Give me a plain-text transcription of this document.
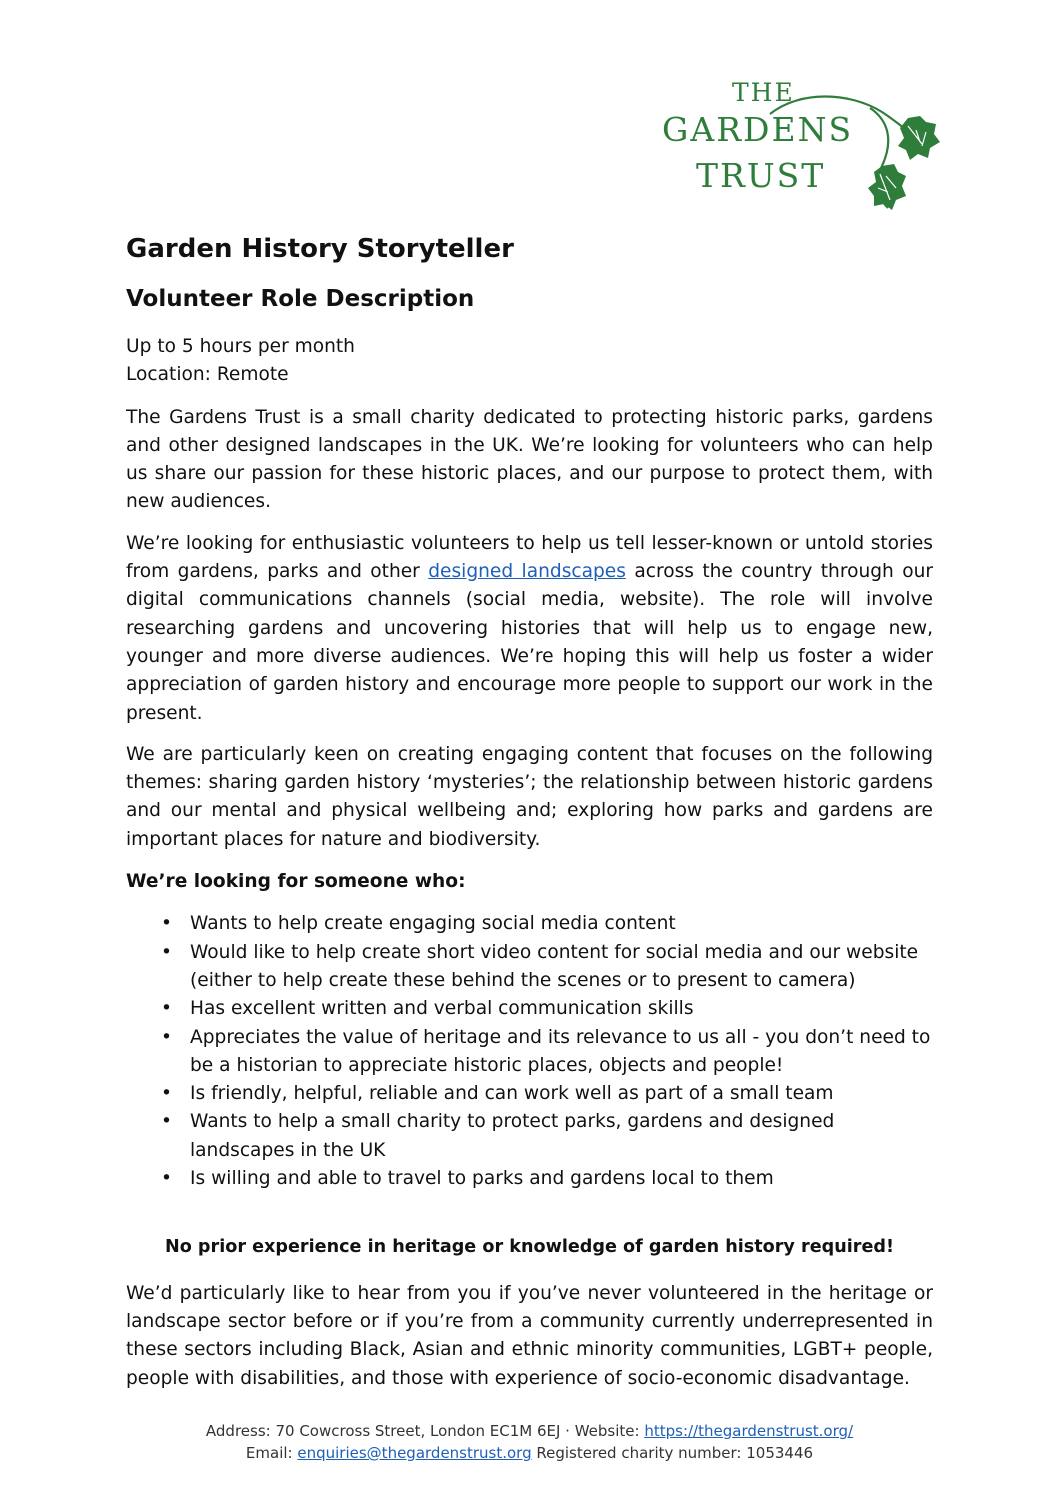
THE
GARDENS
TRUST
Garden History Storyteller
Volunteer Role Description
Up to 5 hours per month
Location: Remote

The Gardens Trust is a small charity dedicated to protecting historic parks, gardens and other designed landscapes in the UK. We’re looking for volunteers who can help us share our passion for these historic places, and our purpose to protect them, with new audiences.

We’re looking for enthusiastic volunteers to help us tell lesser-known or untold stories from gardens, parks and other designed landscapes across the country through our digital communications channels (social media, website). The role will involve researching gardens and uncovering histories that will help us to engage new, younger and more diverse audiences. We’re hoping this will help us foster a wider appreciation of garden history and encourage more people to support our work in the present.

We are particularly keen on creating engaging content that focuses on the following themes: sharing garden history ‘mysteries’; the relationship between historic gardens and our mental and physical wellbeing and; exploring how parks and gardens are important places for nature and biodiversity.

We’re looking for someone who:
• Wants to help create engaging social media content
• Would like to help create short video content for social media and our website (either to help create these behind the scenes or to present to camera)
• Has excellent written and verbal communication skills
• Appreciates the value of heritage and its relevance to us all - you don’t need to be a historian to appreciate historic places, objects and people!
• Is friendly, helpful, reliable and can work well as part of a small team
• Wants to help a small charity to protect parks, gardens and designed landscapes in the UK
• Is willing and able to travel to parks and gardens local to them
No prior experience in heritage or knowledge of garden history required!

We’d particularly like to hear from you if you’ve never volunteered in the heritage or landscape sector before or if you’re from a community currently underrepresented in these sectors including Black, Asian and ethnic minority communities, LGBT+ people, people with disabilities, and those with experience of socio-economic disadvantage.

Address: 70 Cowcross Street, London EC1M 6EJ · Website: https://thegardenstrust.org/
Email: enquiries@thegardenstrust.org Registered charity number: 1053446
